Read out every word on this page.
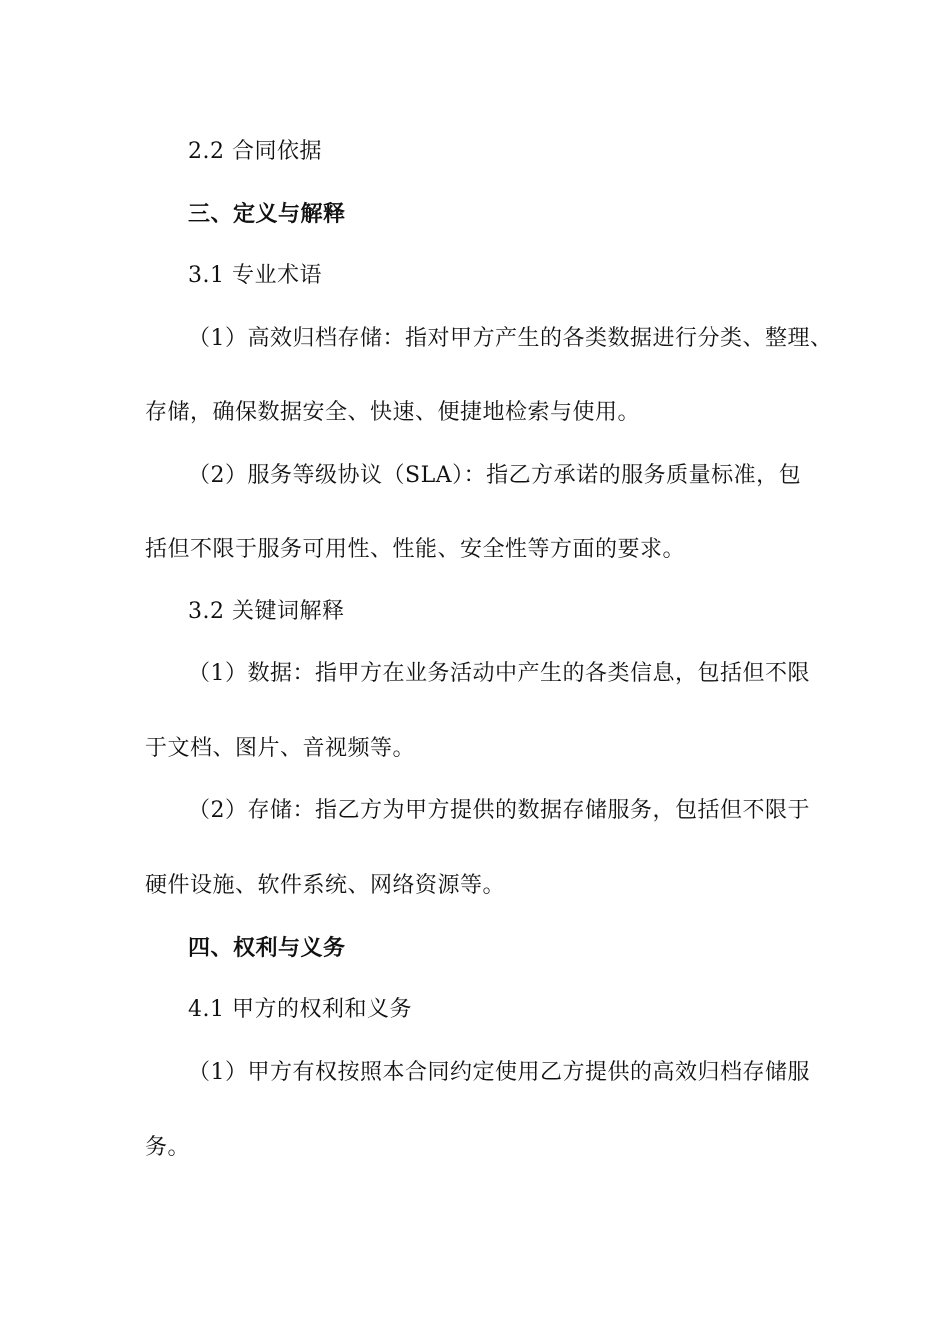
2.2 合同依据
三、定义与解释
3.1 专业术语
（1）高效归档存储：指对甲方产生的各类数据进行分类、整理、
存储，确保数据安全、快速、便捷地检索与使用。
（2）服务等级协议（SLA）：指乙方承诺的服务质量标准，包
括但不限于服务可用性、性能、安全性等方面的要求。
3.2 关键词解释
（1）数据：指甲方在业务活动中产生的各类信息，包括但不限
于文档、图片、音视频等。
（2）存储：指乙方为甲方提供的数据存储服务，包括但不限于
硬件设施、软件系统、网络资源等。
四、权利与义务
4.1 甲方的权利和义务
（1）甲方有权按照本合同约定使用乙方提供的高效归档存储服
务。
